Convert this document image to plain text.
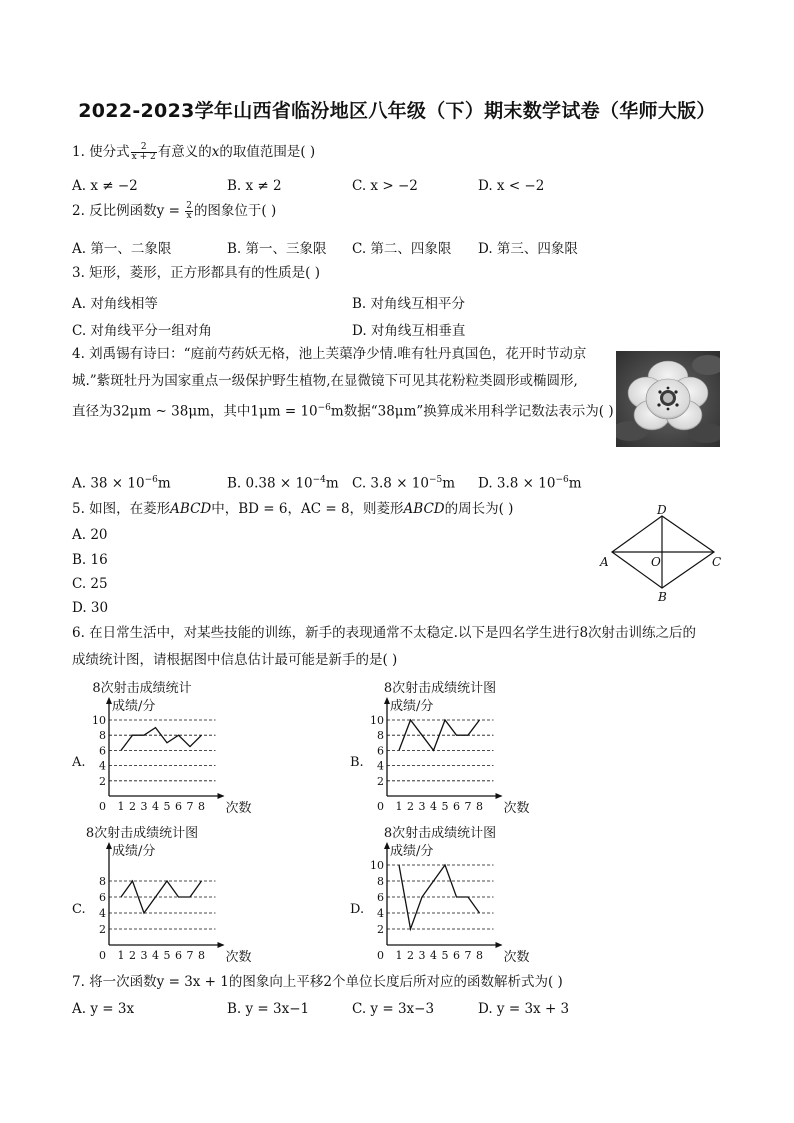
2022-2023学年山西省临汾地区八年级（下）期末数学试卷（华师大版）
1. 使分式 $\frac{2}{x + 2}$ 有意义的x的取值范围是( )
A. x ≠ −2	B. x ≠ 2	C. x > −2	D. x < −2
2. 反比例函数$y = \frac{2}{x}$ 的图象位于( )
A. 第一、二象限	B. 第一、三象限 C. 第二、四象限 D. 第三、四象限
3. 矩形，菱形，正方形都具有的性质是( )
A. 对角线相等	B. 对角线互相平分
C. 对角线平分一组对角	D. 对角线互相垂直
4. 刘禹锡有诗曰：“庭前芍药妖无格，池上芙蕖净少情.唯有牡丹真国色，花开时节动京
城.”紫斑牡丹为国家重点一级保护野生植物,在显微镜下可见其花粉粒类圆形或椭圆形,
直径为32μm ~ 38μm，其中$1\mu m = 10^{-6}m$数据“38μm”换算成米用科学记数法表示为( )
A. $38 \times 10^{-6}m$	B. $0.38 \times 10^{-4}m$ C. $3.8 \times 10^{-5}m$ D. $3.8 \times 10^{-6}m$
5. 如图，在菱形ABCD中，BD = 6，AC = 8，则菱形ABCD的周长为( )
A. 20
B. 16
C. 25
D. 30
A
B
C
D
O
6. 在日常生活中，对某些技能的训练，新手的表现通常不太稳定.以下是四名学生进行8次射击训练之后的
成绩统计图，请根据图中信息估计最可能是新手的是( )
8次射击成绩统计
A.
成绩/分
2
4
6
8
10
0 1 2 3 4 5 6 7 8 次数
8次射击成绩统计图
B.
成绩/分
2
4
6
8
10
0 1 2 3 4 5 6 7 8 次数
8次射击成绩统计图
C.
成绩/分
2
4
6
8
0 1 2 3 4 5 6 7 8 次数
8次射击成绩统计图
D.
成绩/分
2
4
6
8
10
0 1 2 3 4 5 6 7 8 次数
7. 将一次函数y = 3x + 1的图象向上平移2个单位长度后所对应的函数解析式为( )
A. y = 3x	B. y = 3x−1	C. y = 3x−3	D. y = 3x + 3
